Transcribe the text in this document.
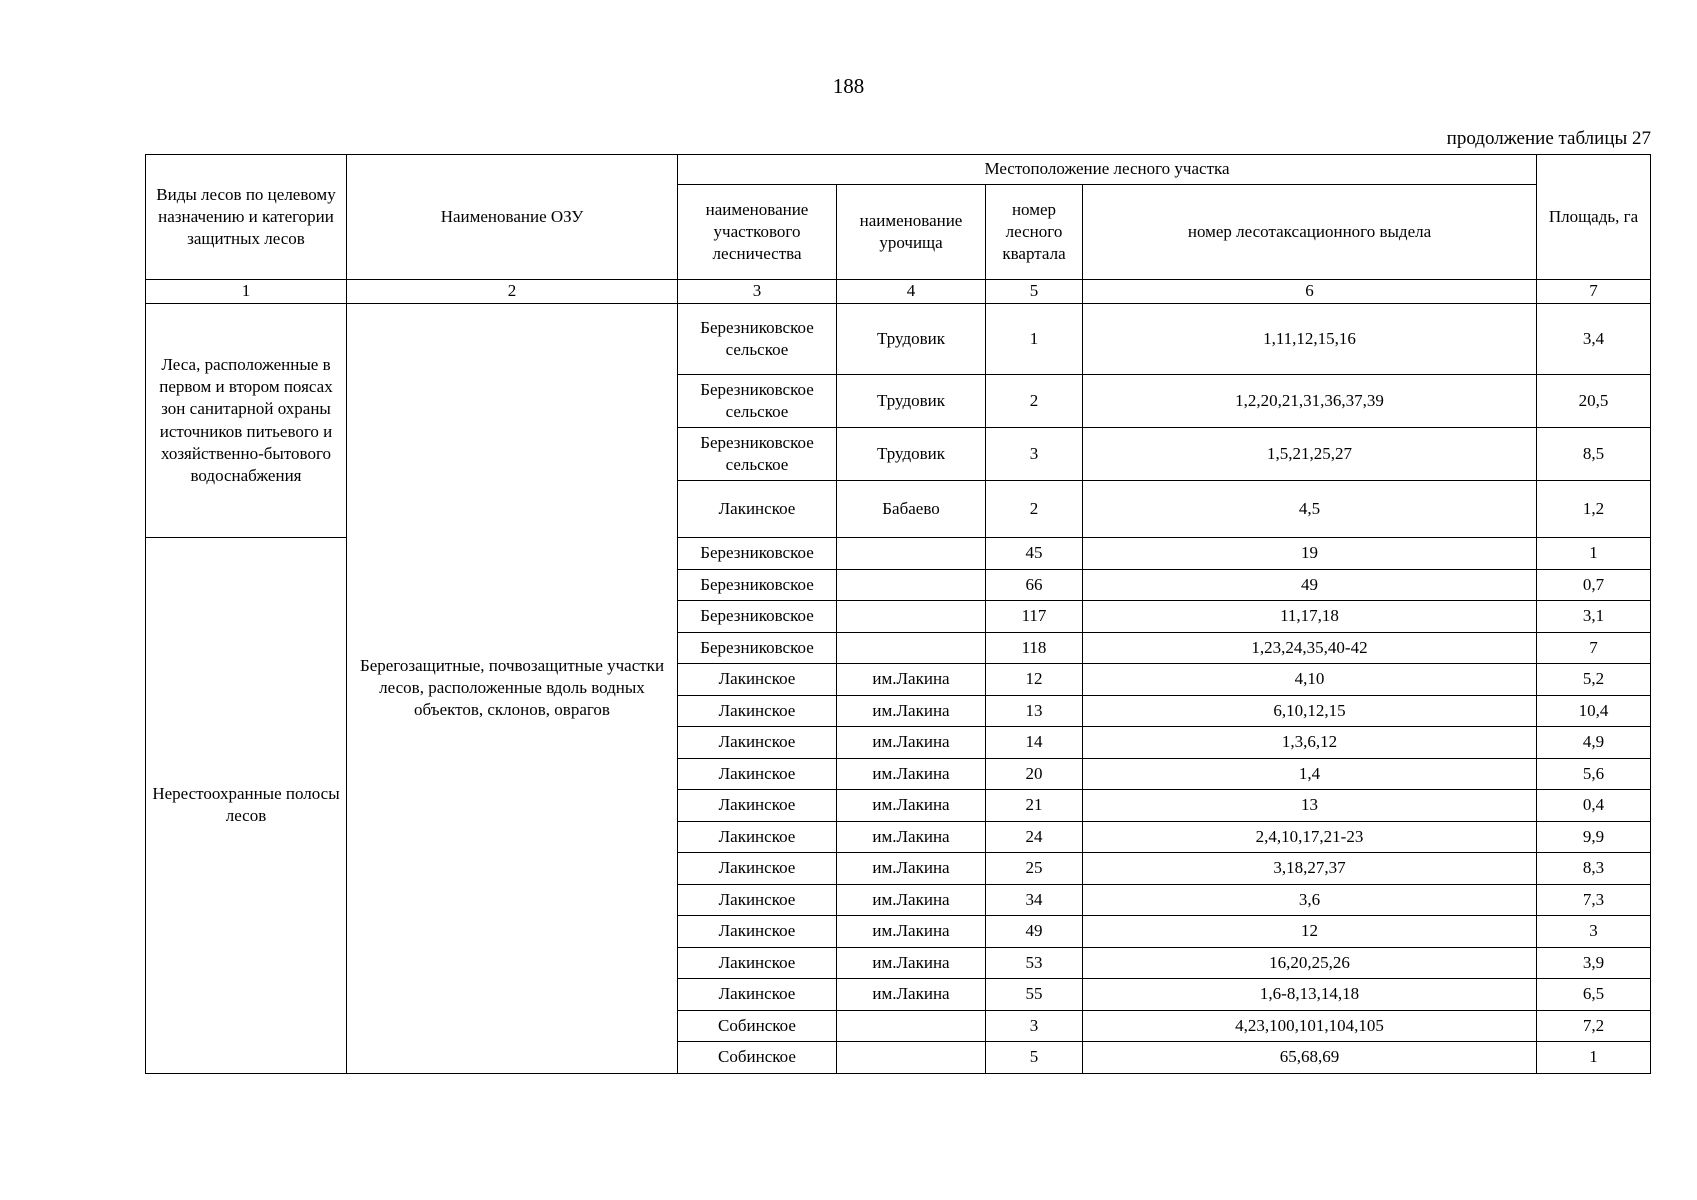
188
продолжение таблицы 27
Виды лесов по целевому назначению и категории защитных лесов	Наименование ОЗУ	Местоположение лесного участка				Площадь, га
		наименование участкового лесничества	наименование урочища	номер лесного квартала	номер лесотаксационного выдела	
1	2	3	4	5	6	7
Леса, расположенные в первом и втором поясах зон санитарной охраны источников питьевого и хозяйственно-бытового водоснабжения	Берегозащитные, почвозащитные участки лесов, расположенные вдоль водных объектов, склонов, оврагов	Березниковское сельское	Трудовик	1	1,11,12,15,16	3,4
		Березниковское сельское	Трудовик	2	1,2,20,21,31,36,37,39	20,5
		Березниковское сельское	Трудовик	3	1,5,21,25,27	8,5
		Лакинское	Бабаево	2	4,5	1,2
Нерестоохранные полосы лесов		Березниковское		45	19	1
		Березниковское		66	49	0,7
		Березниковское		117	11,17,18	3,1
		Березниковское		118	1,23,24,35,40-42	7
		Лакинское	им.Лакина	12	4,10	5,2
		Лакинское	им.Лакина	13	6,10,12,15	10,4
		Лакинское	им.Лакина	14	1,3,6,12	4,9
		Лакинское	им.Лакина	20	1,4	5,6
		Лакинское	им.Лакина	21	13	0,4
		Лакинское	им.Лакина	24	2,4,10,17,21-23	9,9
		Лакинское	им.Лакина	25	3,18,27,37	8,3
		Лакинское	им.Лакина	34	3,6	7,3
		Лакинское	им.Лакина	49	12	3
		Лакинское	им.Лакина	53	16,20,25,26	3,9
		Лакинское	им.Лакина	55	1,6-8,13,14,18	6,5
		Собинское		3	4,23,100,101,104,105	7,2
		Собинское		5	65,68,69	1
